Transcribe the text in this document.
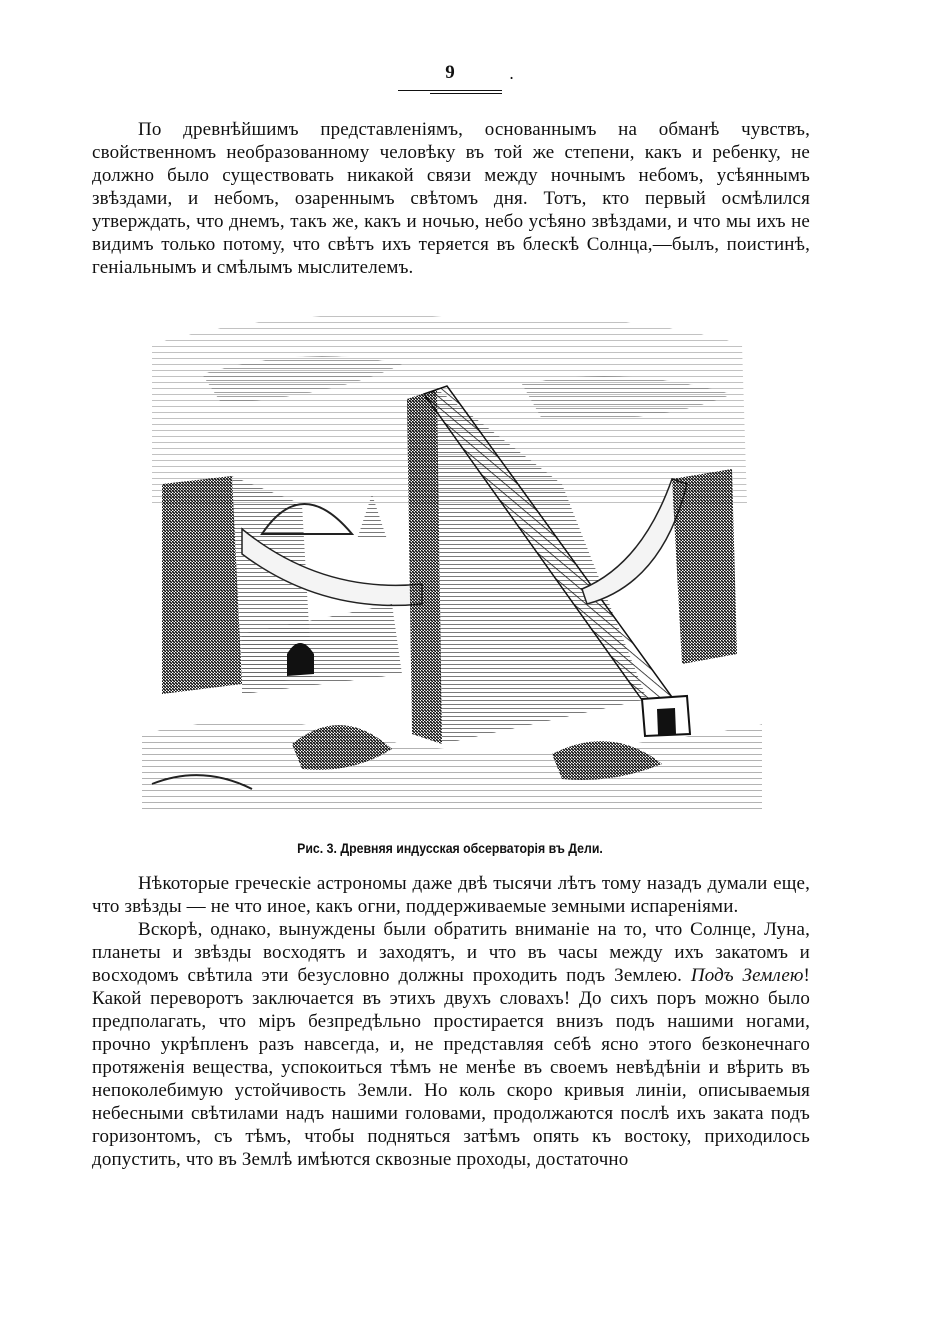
9	.

По древнѣйшимъ представленіямъ, основаннымъ на обманѣ чувствъ, свойственномъ необразованному человѣку въ той же степени, какъ и ребенку, не должно было существовать никакой связи между ночнымъ небомъ, усѣяннымъ звѣздами, и небомъ, озареннымъ свѣтомъ дня. Тотъ, кто первый осмѣлился утверждать, что днемъ, такъ же, какъ и ночью, небо усѣяно звѣздами, и что мы ихъ не видимъ только потому, что свѣтъ ихъ теряется въ блескѣ Солнца,—былъ, поистинѣ, геніальнымъ и смѣлымъ мыслителемъ.

Рис. 3. Древняя индусская обсерваторія въ Дели.

Нѣкоторые греческіе астрономы даже двѣ тысячи лѣтъ тому назадъ думали еще, что звѣзды — не что иное, какъ огни, поддерживаемые земными испареніями.

Вскорѣ, однако, вынуждены были обратить вниманіе на то, что Солнце, Луна, планеты и звѣзды восходятъ и заходятъ, и что въ часы между ихъ закатомъ и восходомъ свѣтила эти безусловно должны проходить подъ Землею. Подъ Землею! Какой переворотъ заключается въ этихъ двухъ словахъ! До сихъ поръ можно было предполагать, что міръ безпредѣльно простирается внизъ подъ нашими ногами, прочно укрѣпленъ разъ навсегда, и, не представляя себѣ ясно этого безконечнаго протяженія вещества, успокоиться тѣмъ не менѣе въ своемъ невѣдѣніи и вѣрить въ непоколебимую устойчивость Земли. Но коль скоро кривыя линіи, описываемыя небесными свѣтилами надъ нашими головами, продолжаются послѣ ихъ заката подъ горизонтомъ, съ тѣмъ, чтобы подняться затѣмъ опять къ востоку, приходилось допустить, что въ Землѣ имѣются сквозные проходы, достаточно
